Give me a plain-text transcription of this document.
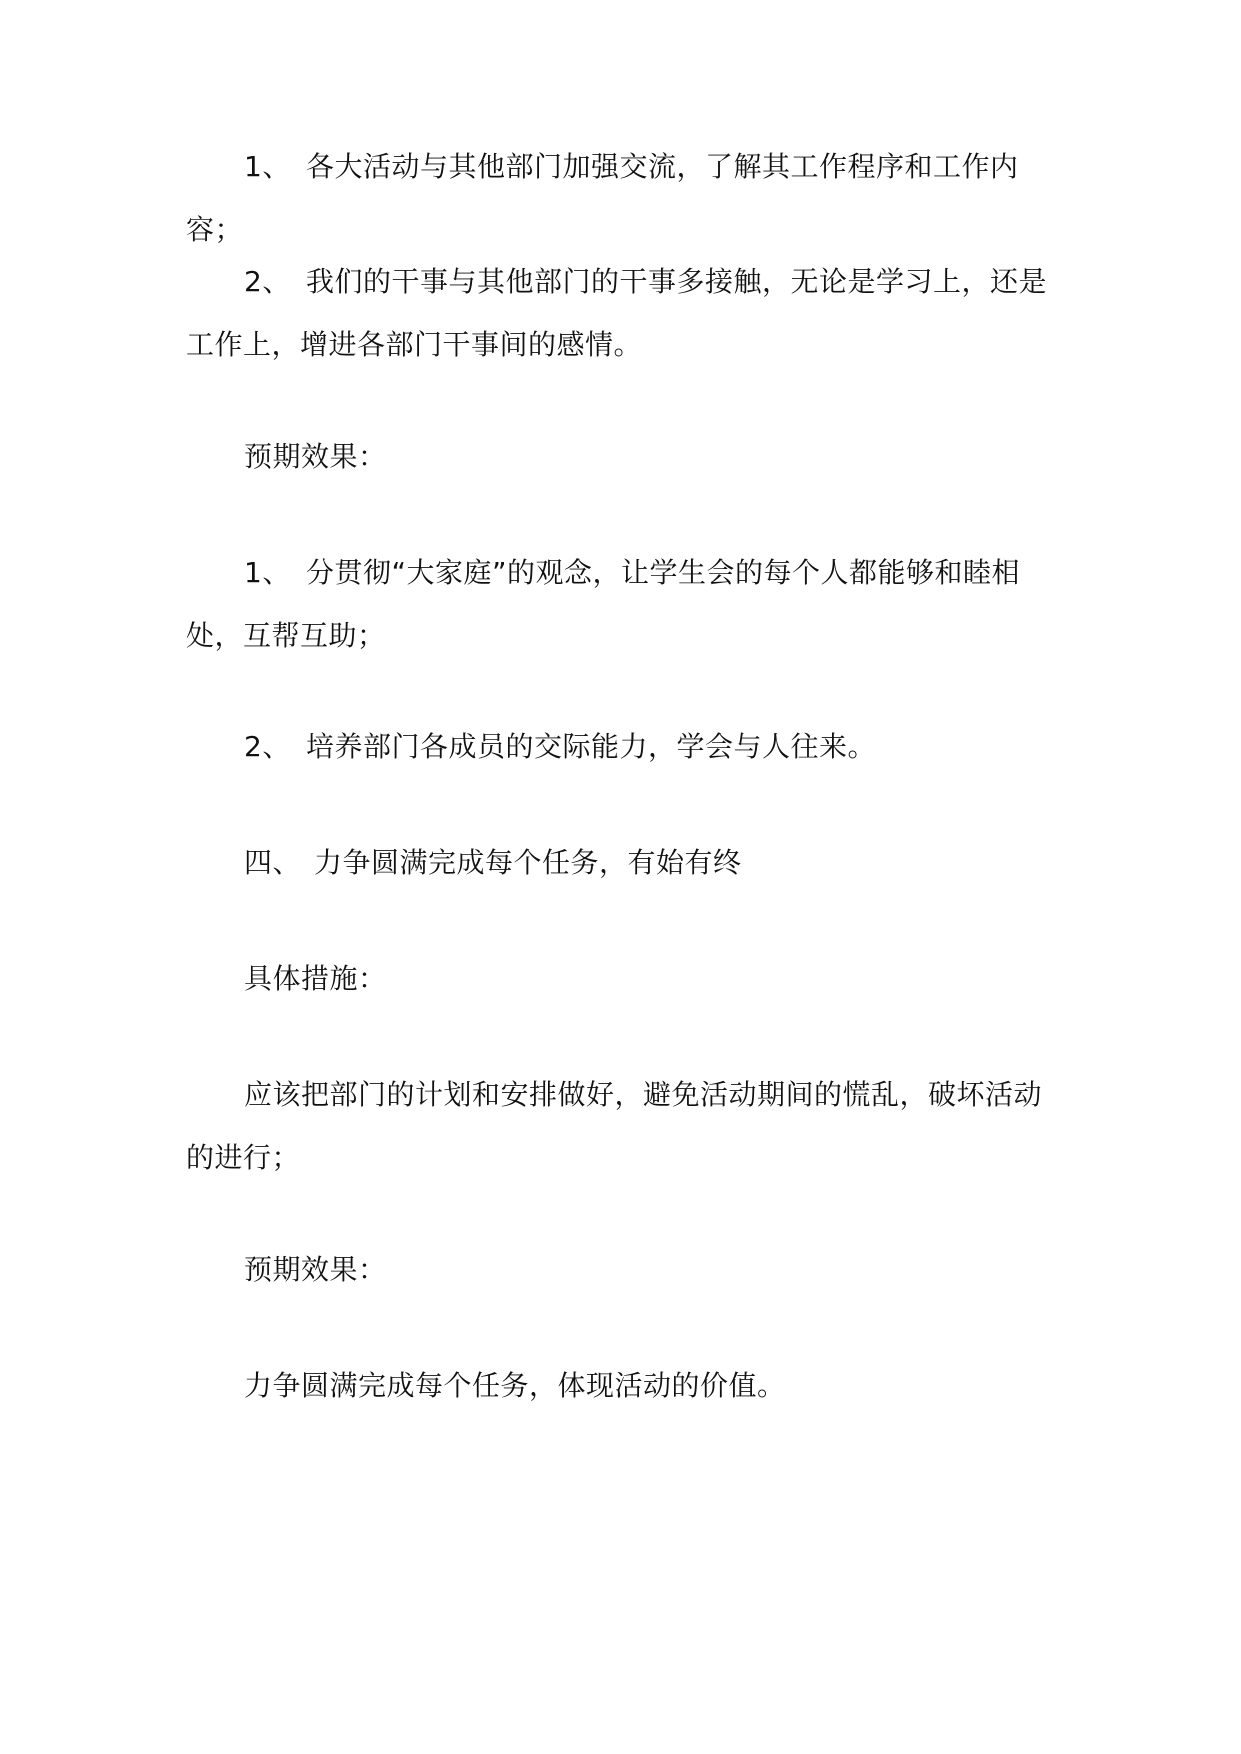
1、 各大活动与其他部门加强交流，了解其工作程序和工作内容；

2、 我们的干事与其他部门的干事多接触，无论是学习上，还是工作上，增进各部门干事间的感情。

预期效果：

1、 分贯彻“大家庭”的观念，让学生会的每个人都能够和睦相处，互帮互助；

2、 培养部门各成员的交际能力，学会与人往来。

四、 力争圆满完成每个任务，有始有终

具体措施：

应该把部门的计划和安排做好，避免活动期间的慌乱，破坏活动的进行；

预期效果：

力争圆满完成每个任务，体现活动的价值。
